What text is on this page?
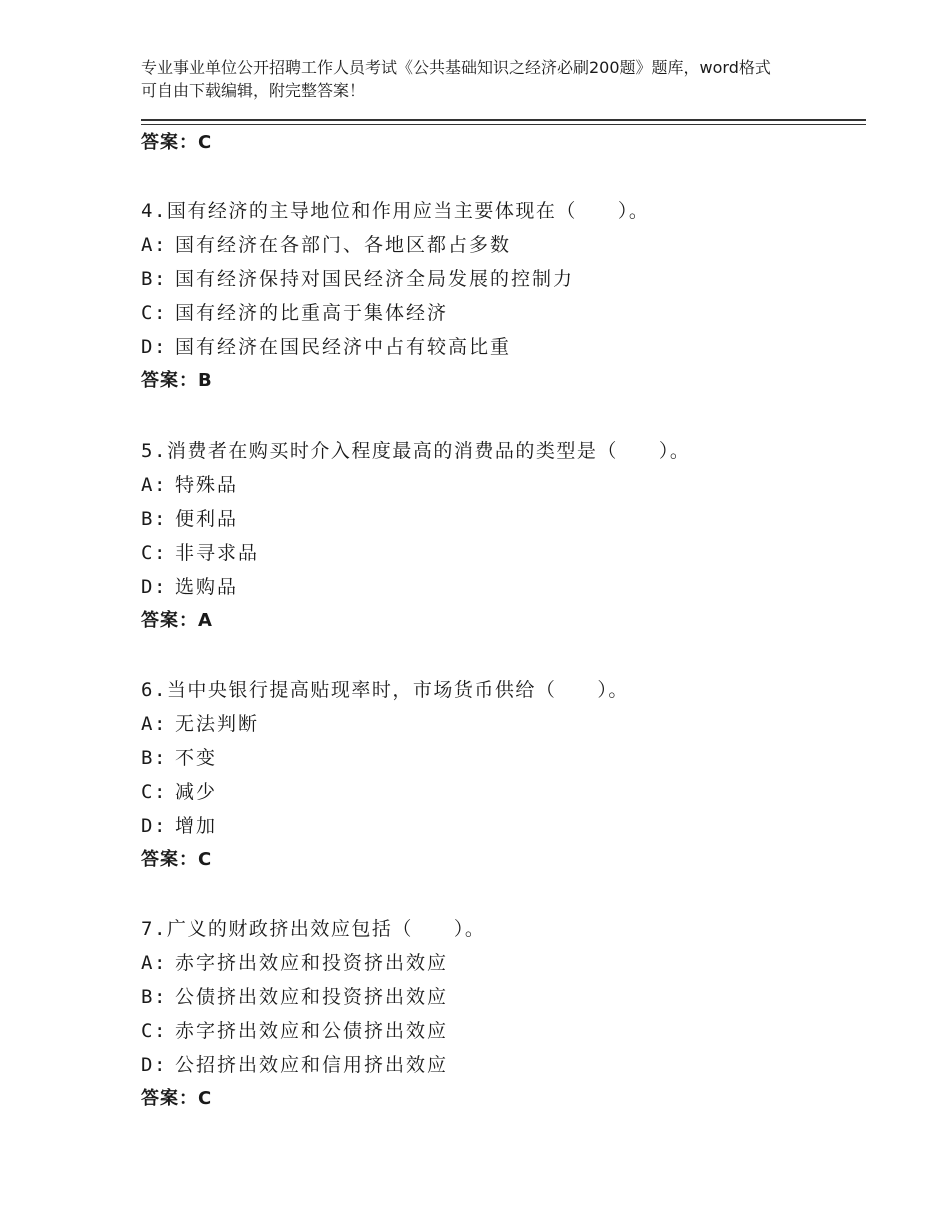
专业事业单位公开招聘工作人员考试《公共基础知识之经济必刷200题》题库，word格式可自由下载编辑，附完整答案！
答案：C
4.国有经济的主导地位和作用应当主要体现在（　　）。
A: 国有经济在各部门、各地区都占多数
B: 国有经济保持对国民经济全局发展的控制力
C: 国有经济的比重高于集体经济
D: 国有经济在国民经济中占有较高比重
答案：B
5.消费者在购买时介入程度最高的消费品的类型是（　　）。
A: 特殊品
B: 便利品
C: 非寻求品
D: 选购品
答案：A
6.当中央银行提高贴现率时，市场货币供给（　　）。
A: 无法判断
B: 不变
C: 减少
D: 增加
答案：C
7.广义的财政挤出效应包括（　　）。
A: 赤字挤出效应和投资挤出效应
B: 公债挤出效应和投资挤出效应
C: 赤字挤出效应和公债挤出效应
D: 公招挤出效应和信用挤出效应
答案：C
